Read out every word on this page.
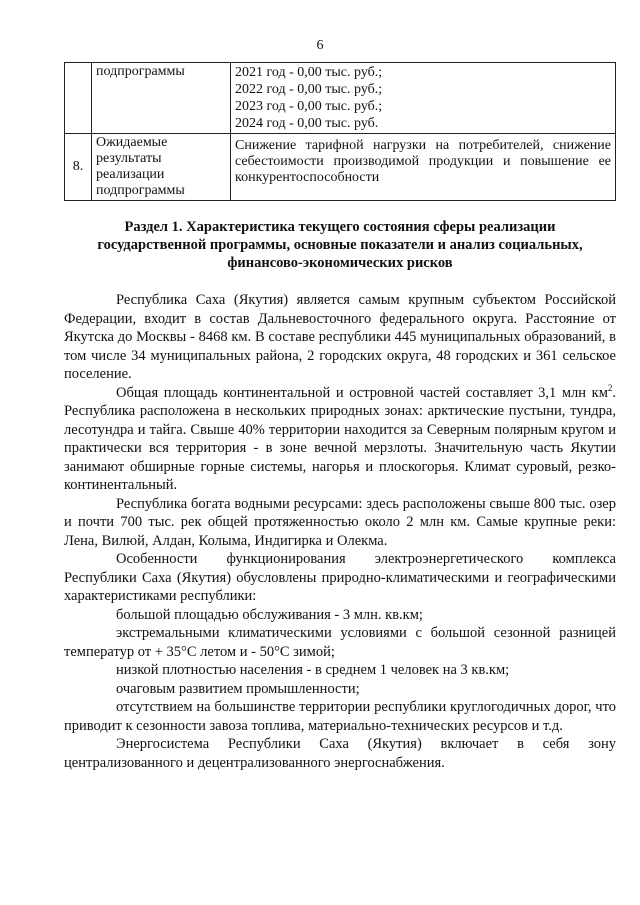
6
	подпрограммы	2021 год - 0,00 тыс. руб.;
2022 год - 0,00 тыс. руб.;
2023 год - 0,00 тыс. руб.;
2024 год - 0,00 тыс. руб.

8.	Ожидаемые
результаты
реализации
подпрограммы	Снижение тарифной нагрузки на потребителей, снижение себестоимости производимой продукции и повышение ее конкурентоспособности
Раздел 1. Характеристика текущего состояния сферы реализации
государственной программы, основные показатели и анализ социальных,
финансово-экономических рисков

Республика Саха (Якутия) является самым крупным субъектом Российской Федерации, входит в состав Дальневосточного федерального округа. Расстояние от Якутска до Москвы - 8468 км. В составе республики 445 муниципальных образований, в том числе 34 муниципальных района, 2 городских округа, 48 городских и 361 сельское поселение.

Общая площадь континентальной и островной частей составляет 3,1 млн $км^2$. Республика расположена в нескольких природных зонах: арктические пустыни, тундра, лесотундра и тайга. Свыше 40% территории находится за Северным полярным кругом и практически вся территория - в зоне вечной мерзлоты. Значительную часть Якутии занимают обширные горные системы, нагорья и плоскогорья. Климат суровый, резко-континентальный.

Республика богата водными ресурсами: здесь расположены свыше 800 тыс. озер и почти 700 тыс. рек общей протяженностью около 2 млн км. Самые крупные реки: Лена, Вилюй, Алдан, Колыма, Индигирка и Олекма.

Особенности функционирования электроэнергетического комплекса Республики Саха (Якутия) обусловлены природно-климатическими и географическими характеристиками республики:

большой площадью обслуживания - 3 млн. кв.км;

экстремальными климатическими условиями с большой сезонной разницей температур от + 35°С летом и - 50°С зимой;

низкой плотностью населения - в среднем 1 человек на 3 кв.км;

очаговым развитием промышленности;

отсутствием на большинстве территории республики круглогодичных дорог, что приводит к сезонности завоза топлива, материально-технических ресурсов и т.д.

Энергосистема Республики Саха (Якутия) включает в себя зону централизованного и децентрализованного энергоснабжения.
